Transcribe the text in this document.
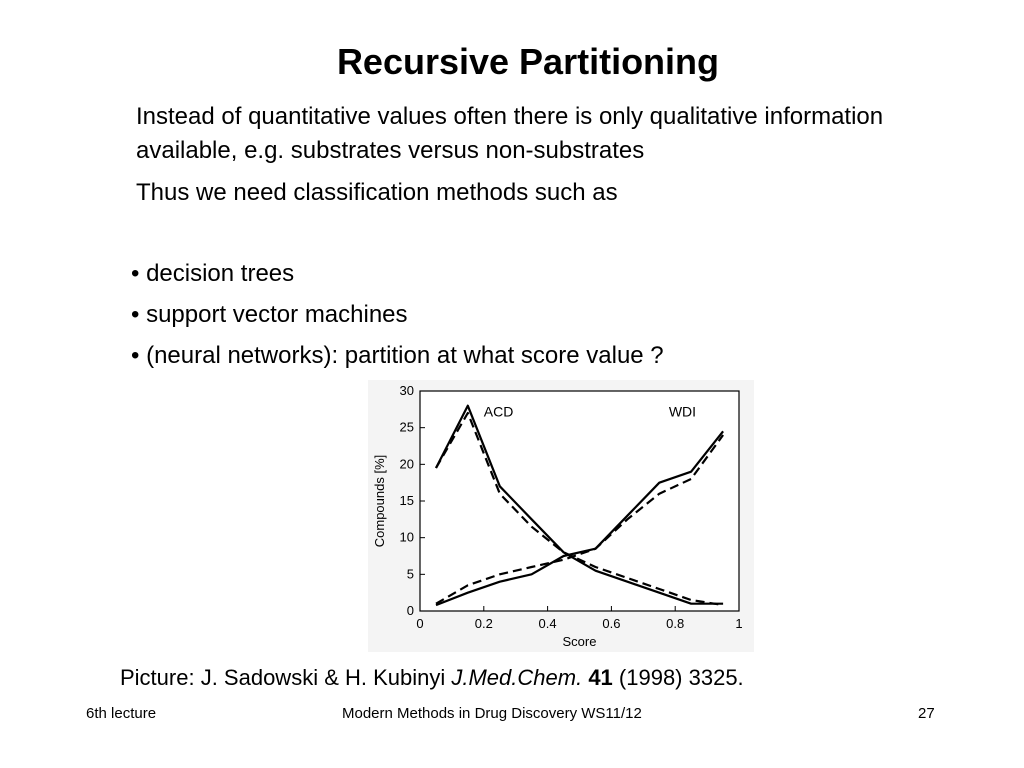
Recursive Partitioning
Instead of quantitative values often there is only qualitative information available, e.g. substrates versus non-substrates
Thus we need classification methods such as
• decision trees
• support vector machines
• (neural networks): partition at what score value ?
0
5
10
15
20
25
30
0	0.2	0.4	0.6	0.8	1
Score
Compounds [%]
ACD	WDI
Picture: J. Sadowski & H. Kubinyi J.Med.Chem. 41 (1998) 3325.
6th lecture	Modern Methods in Drug Discovery WS11/12	27
